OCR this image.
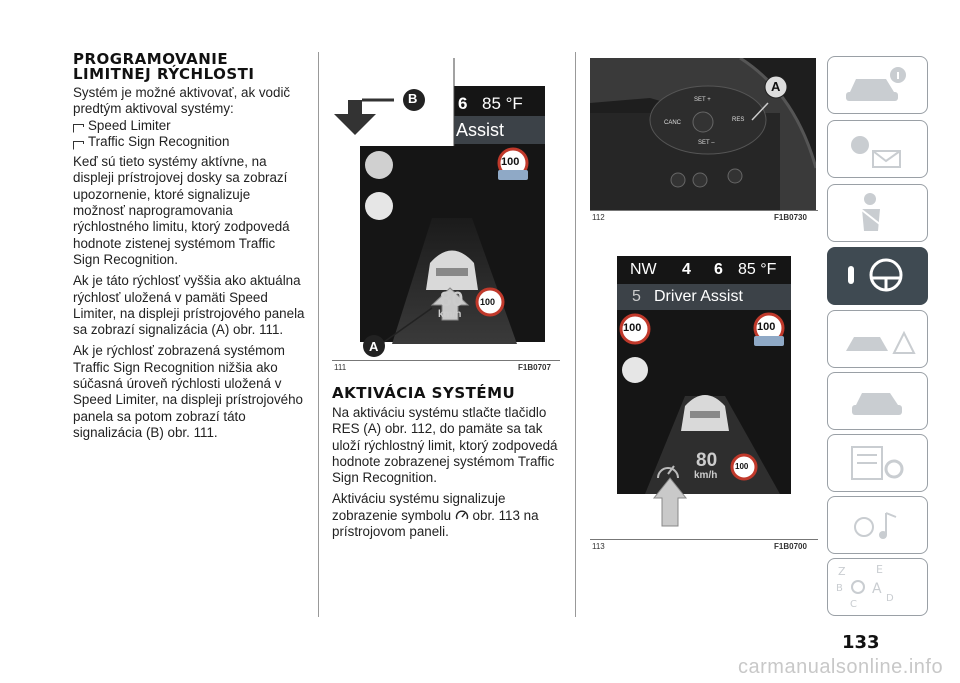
PROGRAMOVANIE
LIMITNEJ RÝCHLOSTI

Systém je možné aktivovať, ak vodič predtým aktivoval systémy:

Speed Limiter
Traffic Sign Recognition

Keď sú tieto systémy aktívne, na displeji prístrojovej dosky sa zobrazí upozornenie, ktoré signalizuje možnosť naprogramovania rýchlostného limitu, ktorý zodpovedá hodnote zistenej systémom Traffic Sign Recognition.

Ak je táto rýchlosť vyššia ako aktuálna rýchlosť uložená v pamäti Speed Limiter, na displeji prístrojového panela sa zobrazí signalizácia (A) obr. 111.

Ak je rýchlosť zobrazená systémom Traffic Sign Recognition nižšia ako súčasná úroveň rýchlosti uložená v Speed Limiter, na displeji prístrojového panela sa potom zobrazí táto signalizácia (B) obr. 111.

B 6 85 °F
Assist
100
80
km/h
100
A
111	F1B0707
AKTIVÁCIA SYSTÉMU

Na aktiváciu systému stlačte tlačidlo RES (A) obr. 112, do pamäte sa tak uloží rýchlostný limit, ktorý zodpovedá hodnote zobrazenej systémom Traffic Sign Recognition.

Aktiváciu systému signalizuje zobrazenie symbolu  obr. 113 na prístrojovom paneli.

A
SET +
CANC	RES
SET –
112	F1B0730
NW 4 6 85 °F
5 Driver Assist
100	100
80
km/h
100
113	F1B0700
Z	E
B A
C
D
133
carmanualsonline.info
